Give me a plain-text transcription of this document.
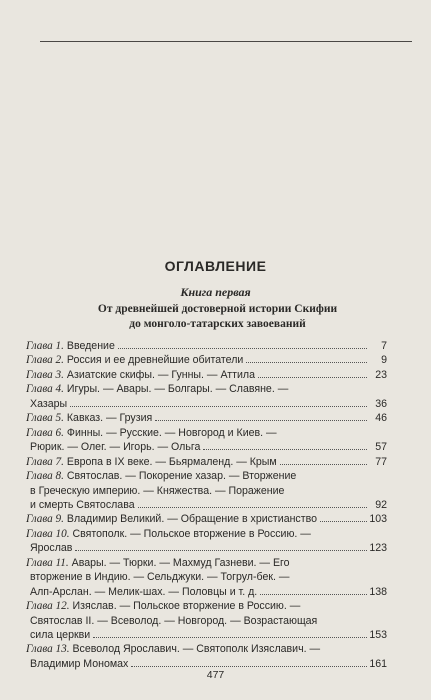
ОГЛАВЛЕНИЕ
Книга первая
От древнейшей достоверной истории Скифии
до монголо-татарских завоеваний
Глава 1. Введение	7
Глава 2. Россия и ее древнейшие обитатели	9
Глава 3. Азиатские скифы. — Гунны. — Аттила	23
Глава 4. Игуры. — Авары. — Болгары. — Славяне. —
Хазары	36
Глава 5. Кавказ. — Грузия	46
Глава 6. Финны. — Русские. — Новгород и Киев. —
Рюрик. — Олег. — Игорь. — Ольга	57
Глава 7. Европа в IX веке. — Бьярмаленд. — Крым	77
Глава 8. Святослав. — Покорение хазар. — Вторжение
в Греческую империю. — Княжества. — Поражение
и смерть Святослава	92
Глава 9. Владимир Великий. — Обращение в христианство	103
Глава 10. Святополк. — Польское вторжение в Россию. —
Ярослав	123
Глава 11. Авары. — Тюрки. — Махмуд Газневи. — Его
вторжение в Индию. — Сельджуки. — Тогрул-бек. —
Алп-Арслан. — Мелик-шах. — Половцы и т. д.	138
Глава 12. Изяслав. — Польское вторжение в Россию. —
Святослав II. — Всеволод. — Новгород. — Возрастающая
сила церкви	153
Глава 13. Всеволод Ярославич. — Святополк Изяславич. —
Владимир Мономах	161
477
